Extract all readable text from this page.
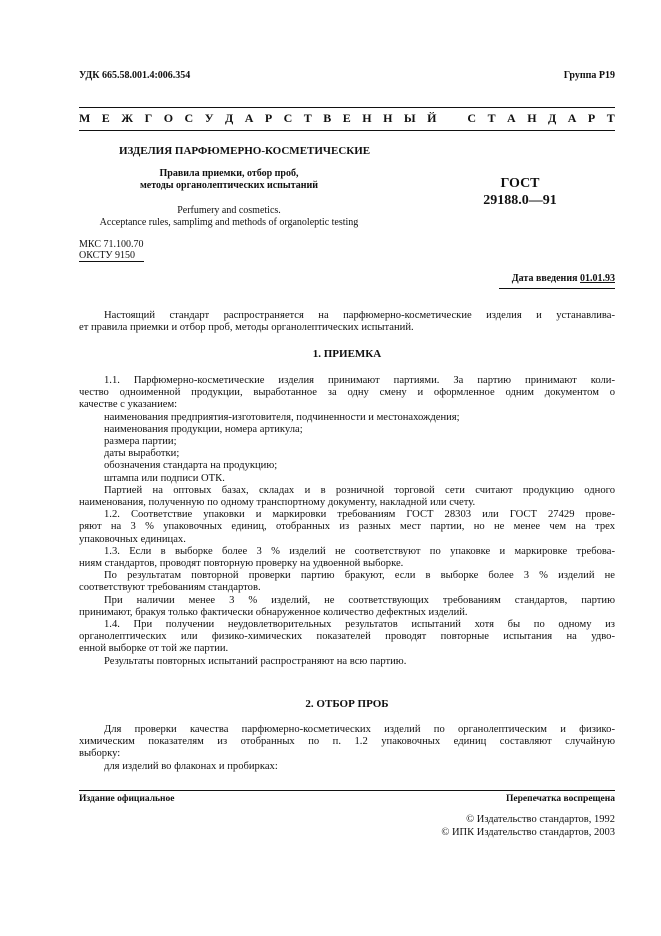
УДК 665.58.001.4:006.354	Группа Р19
М Е Ж Г О С У Д А Р С Т В Е Н Н Ы Й	С Т А Н Д А Р Т
ИЗДЕЛИЯ ПАРФЮМЕРНО-КОСМЕТИЧЕСКИЕ
Правила приемки, отбор проб,
методы органолептических испытаний
Perfumery and cosmetics.
Acceptance rules, samplimg and methods of organoleptic testing
ГОСТ
29188.0—91
МКС 71.100.70
ОКСТУ 9150
Дата введения 01.01.93
Настоящий стандарт распространяется на парфюмерно-косметические изделия и устанавлива-
ет правила приемки и отбор проб, методы органолептических испытаний.
1. ПРИЕМКА
1.1. Парфюмерно-косметические изделия принимают партиями. За партию принимают коли-
чество одноименной продукции, выработанное за одну смену и оформленное одним документом о
качестве с указанием:
наименования предприятия-изготовителя, подчиненности и местонахождения;
наименования продукции, номера артикула;
размера партии;
даты выработки;
обозначения стандарта на продукцию;
штампа или подписи ОТК.
Партией на оптовых базах, складах и в розничной торговой сети считают продукцию одного
наименования, полученную по одному транспортному документу, накладной или счету.
1.2. Соответствие упаковки и маркировки требованиям ГОСТ 28303 или ГОСТ 27429 прове-
ряют на 3 % упаковочных единиц, отобранных из разных мест партии, но не менее чем на трех
упаковочных единицах.
1.3. Если в выборке более 3 % изделий не соответствуют по упаковке и маркировке требова-
ниям стандартов, проводят повторную проверку на удвоенной выборке.
По результатам повторной проверки партию бракуют, если в выборке более 3 % изделий не
соответствуют требованиям стандартов.
При наличии менее 3 % изделий, не соответствующих требованиям стандартов, партию
принимают, бракуя только фактически обнаруженное количество дефектных изделий.
1.4. При получении неудовлетворительных результатов испытаний хотя бы по одному из
органолептических или физико-химических показателей проводят повторные испытания на удво-
енной выборке от той же партии.
Результаты повторных испытаний распространяют на всю партию.
2. ОТБОР ПРОБ
Для проверки качества парфюмерно-косметических изделий по органолептическим и физико-
химическим показателям из отобранных по п. 1.2 упаковочных единиц составляют случайную
выборку:
для изделий во флаконах и пробирках:
Издание официальное	Перепечатка воспрещена
© Издательство стандартов, 1992
© ИПК Издательство стандартов, 2003
